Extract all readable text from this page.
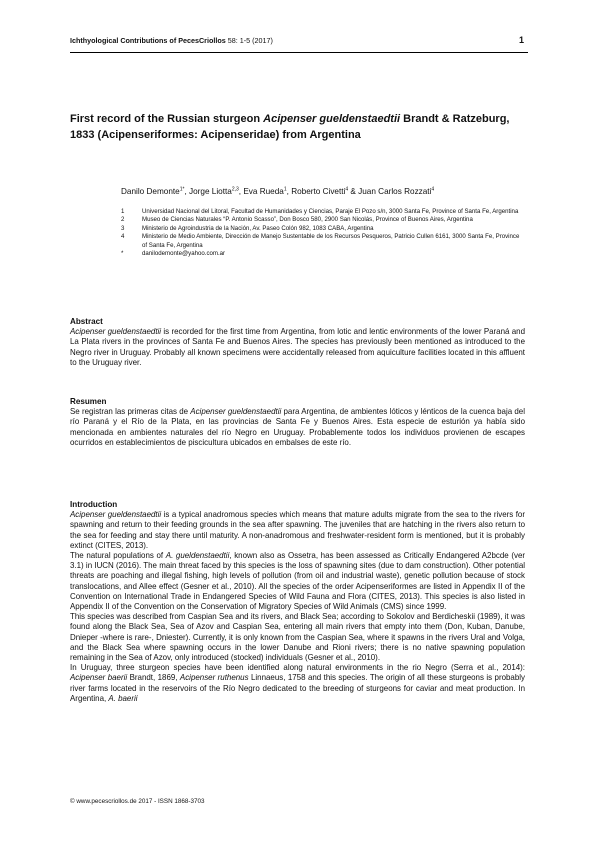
Ichthyological Contributions of PecesCriollos 58: 1-5 (2017)	1
First record of the Russian sturgeon Acipenser gueldenstaedtii Brandt & Ratzeburg, 1833 (Acipenseriformes: Acipenseridae) from Argentina
Danilo Demonte$^{1*}$, Jorge Liotta$^{2,3}$, Eva Rueda$^1$, Roberto Civetti$^4$ & Juan Carlos Rozzati$^4$
1	Universidad Nacional del Litoral, Facultad de Humanidades y Ciencias, Paraje El Pozo s/n, 3000 Santa Fe, Province of Santa Fe, Argentina
2	Museo de Ciencias Naturales “P. Antonio Scasso”, Don Bosco 580, 2900 San Nicolás, Province of Buenos Aires, Argentina
3	Ministerio de Agroindustria de la Nación, Av. Paseo Colón 982, 1083 CABA, Argentina
4	Ministerio de Medio Ambiente, Dirección de Manejo Sustentable de los Recursos Pesqueros, Patricio Cullen 6161, 3000 Santa Fe, Province of Santa Fe, Argentina
*	danilodemonte@yahoo.com.ar
Abstract

Acipenser gueldenstaedtii is recorded for the first time from Argentina, from lotic and lentic environments of the lower Paraná and La Plata rivers in the provinces of Santa Fe and Buenos Aires. The species has previously been mentioned as introduced to the Negro river in Uruguay. Probably all known specimens were accidentally released from aquiculture facilities located in this affluent to the Uruguay river.

Resumen

Se registran las primeras citas de Acipenser gueldenstaedtii para Argentina, de ambientes lóticos y lénticos de la cuenca baja del río Paraná y el Río de la Plata, en las provincias de Santa Fe y Buenos Aires. Esta especie de esturión ya había sido mencionada en ambientes naturales del río Negro en Uruguay. Probablemente todos los individuos provienen de escapes ocurridos en establecimientos de piscicultura ubicados en embalses de este río.

Introduction

Acipenser gueldenstaedtii is a typical anadromous species which means that mature adults migrate from the sea to the rivers for spawning and return to their feeding grounds in the sea after spawning. The juveniles that are hatching in the rivers also return to the sea for feeding and stay there until maturity. A non-anadromous and freshwater-resident form is mentioned, but it is probably extinct (CITES, 2013).

The natural populations of A. gueldenstaedtii, known also as Ossetra, has been assessed as Critically Endangered A2bcde (ver 3.1) in IUCN (2016). The main threat faced by this species is the loss of spawning sites (due to dam construction). Other potential threats are poaching and illegal fishing, high levels of pollution (from oil and industrial waste), genetic pollution because of stock translocations, and Allee effect (Gesner et al., 2010). All the species of the order Acipenseriformes are listed in Appendix II of the Convention on International Trade in Endangered Species of Wild Fauna and Flora (CITES, 2013). This species is also listed in Appendix II of the Convention on the Conservation of Migratory Species of Wild Animals (CMS) since 1999.

This species was described from Caspian Sea and its rivers, and Black Sea; according to Sokolov and Berdicheskii (1989), it was found along the Black Sea, Sea of Azov and Caspian Sea, entering all main rivers that empty into them (Don, Kuban, Danube, Dnieper -where is rare-, Dniester). Currently, it is only known from the Caspian Sea, where it spawns in the rivers Ural and Volga, and the Black Sea where spawning occurs in the lower Danube and Rioni rivers; there is no native spawning population remaining in the Sea of Azov, only introduced (stocked) individuals (Gesner et al., 2010).

In Uruguay, three sturgeon species have been identified along natural environments in the rio Negro (Serra et al., 2014): Acipenser baerii Brandt, 1869, Acipenser ruthenus Linnaeus, 1758 and this species. The origin of all these sturgeons is probably river farms located in the reservoirs of the Río Negro dedicated to the breeding of sturgeons for caviar and meat production. In Argentina, A. baerii

© www.pecescriollos.de 2017 - ISSN 1868-3703
